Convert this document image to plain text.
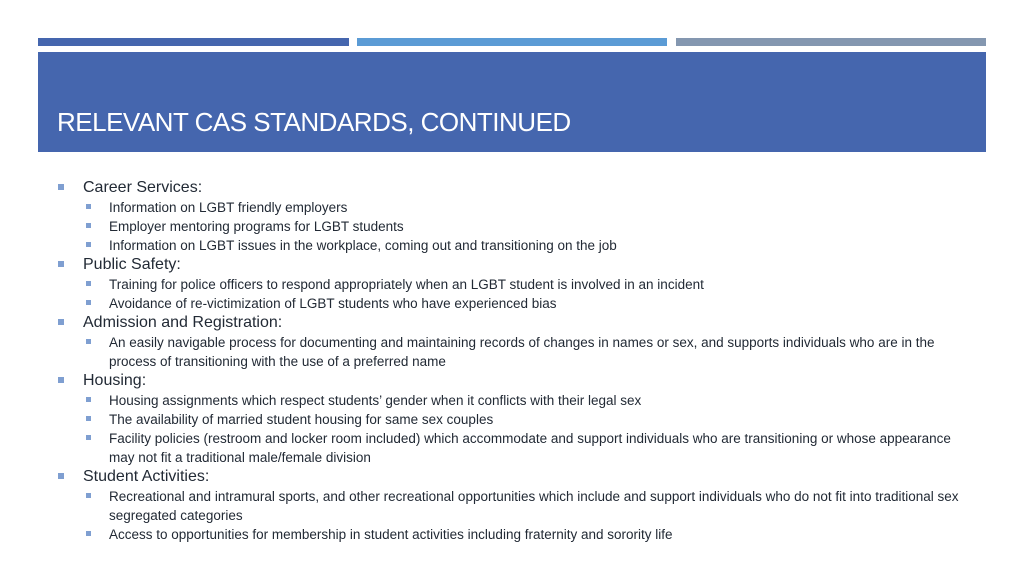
RELEVANT CAS STANDARDS, CONTINUED
Career Services:
Information on LGBT friendly employers
Employer mentoring programs for LGBT students
Information on LGBT issues in the workplace, coming out and transitioning on the job
Public Safety:
Training for police officers to respond appropriately when an LGBT student is involved in an incident
Avoidance of re-victimization of LGBT students who have experienced bias
Admission and Registration:
An easily navigable process for documenting and maintaining records of changes in names or sex, and supports individuals who are in the process of transitioning with the use of a preferred name
Housing:
Housing assignments which respect students’ gender when it conflicts with their legal sex
The availability of married student housing for same sex couples
Facility policies (restroom and locker room included) which accommodate and support individuals who are transitioning or whose appearance may not fit a traditional male/female division
Student Activities:
Recreational and intramural sports, and other recreational opportunities which include and support individuals who do not fit into traditional sex segregated categories
Access to opportunities for membership in student activities including fraternity and sorority life
